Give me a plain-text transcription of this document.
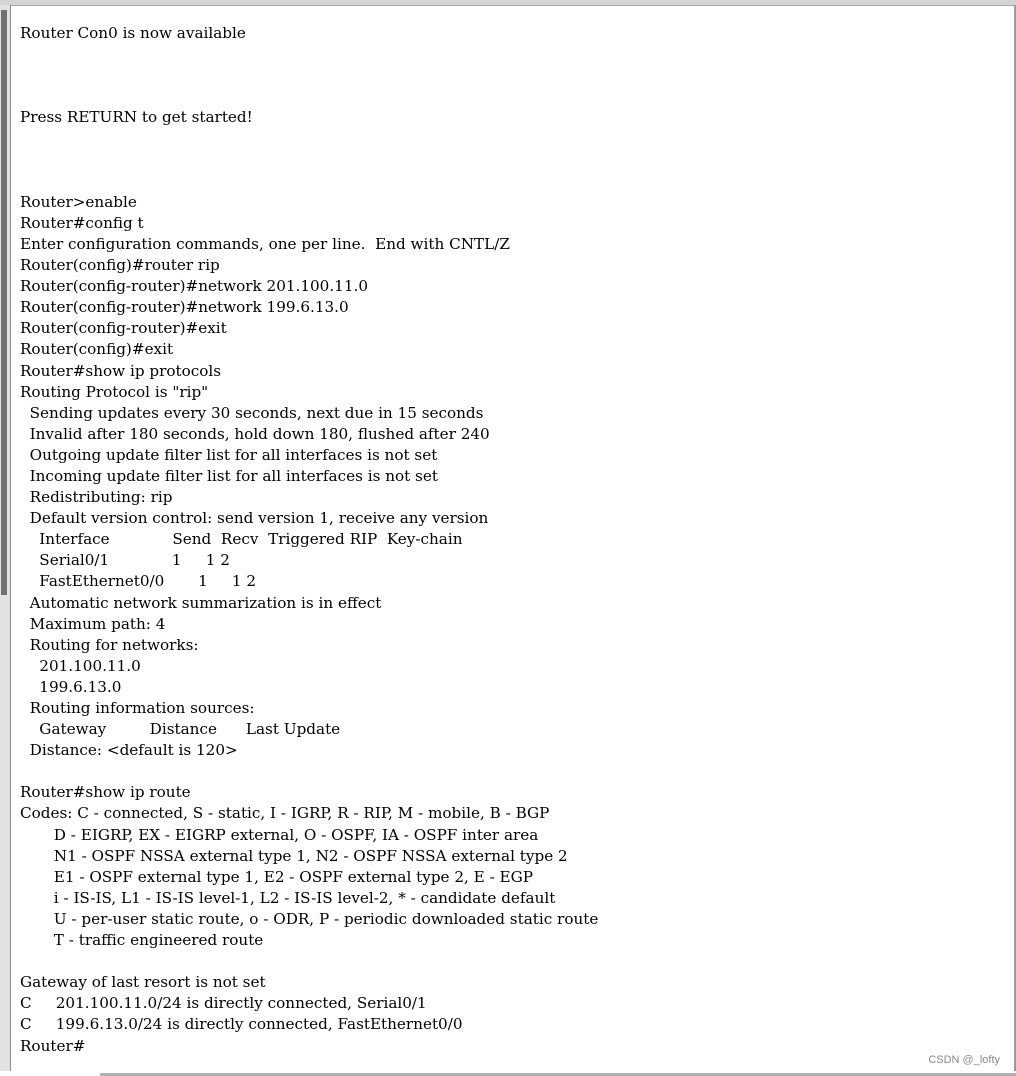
Router Con0 is now available
Press RETURN to get started!
Router>enable
Router#config t
Enter configuration commands, one per line.  End with CNTL/Z
Router(config)#router rip
Router(config-router)#network 201.100.11.0
Router(config-router)#network 199.6.13.0
Router(config-router)#exit
Router(config)#exit
Router#show ip protocols
Routing Protocol is "rip"
Sending updates every 30 seconds, next due in 15 seconds
Invalid after 180 seconds, hold down 180, flushed after 240
Outgoing update filter list for all interfaces is not set
Incoming update filter list for all interfaces is not set
Redistributing: rip
Default version control: send version 1, receive any version
Interface             Send  Recv  Triggered RIP  Key-chain
Serial0/1             1     1 2
FastEthernet0/0       1     1 2
Automatic network summarization is in effect
Maximum path: 4
Routing for networks:
201.100.11.0
199.6.13.0
Routing information sources:
Gateway         Distance      Last Update
Distance: <default is 120>
Router#show ip route
Codes: C - connected, S - static, I - IGRP, R - RIP, M - mobile, B - BGP
D - EIGRP, EX - EIGRP external, O - OSPF, IA - OSPF inter area
N1 - OSPF NSSA external type 1, N2 - OSPF NSSA external type 2
E1 - OSPF external type 1, E2 - OSPF external type 2, E - EGP
i - IS-IS, L1 - IS-IS level-1, L2 - IS-IS level-2, * - candidate default
U - per-user static route, o - ODR, P - periodic downloaded static route
T - traffic engineered route
Gateway of last resort is not set
C     201.100.11.0/24 is directly connected, Serial0/1
C     199.6.13.0/24 is directly connected, FastEthernet0/0
Router#
CSDN @_lofty
